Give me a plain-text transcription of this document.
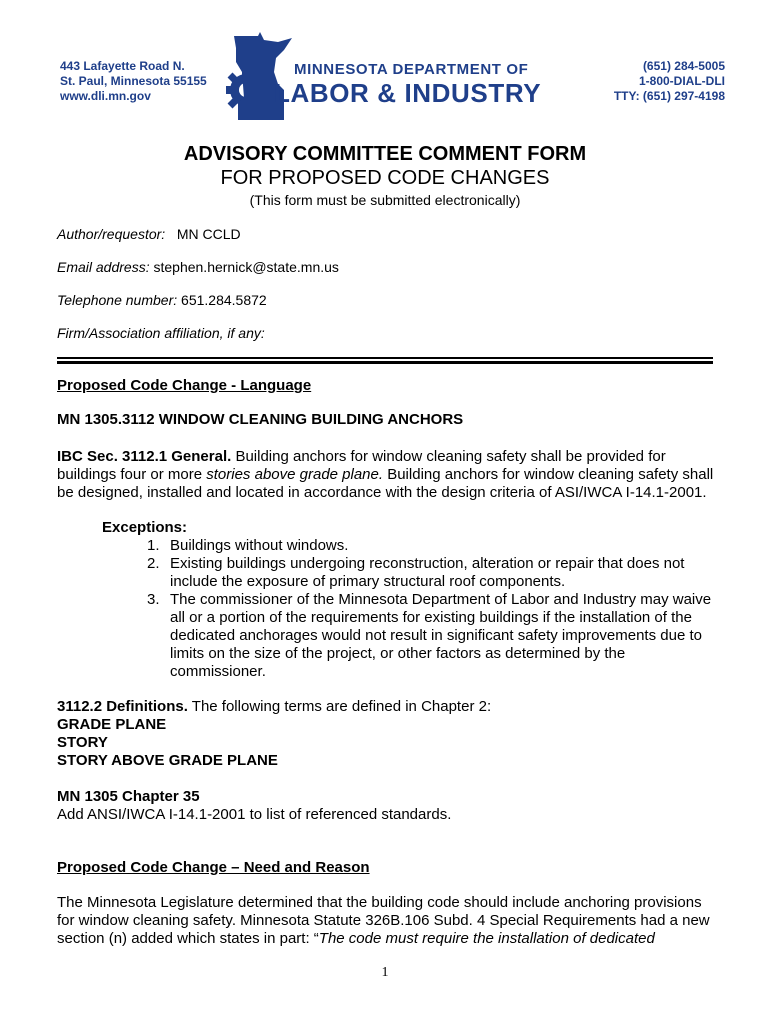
443 Lafayette Road N.
St. Paul, Minnesota 55155
www.dli.mn.gov
MINNESOTA DEPARTMENT OF
LABOR & INDUSTRY
(651) 284-5005
1-800-DIAL-DLI
TTY: (651) 297-4198
ADVISORY COMMITTEE COMMENT FORM
FOR PROPOSED CODE CHANGES
(This form must be submitted electronically)
Author/requestor: MN CCLD
Email address: stephen.hernick@state.mn.us
Telephone number: 651.284.5872
Firm/Association affiliation, if any:
Proposed Code Change - Language
MN 1305.3112 WINDOW CLEANING BUILDING ANCHORS
IBC Sec. 3112.1 General. Building anchors for window cleaning safety shall be provided for buildings four or more stories above grade plane. Building anchors for window cleaning safety shall be designed, installed and located in accordance with the design criteria of ASI/IWCA I-14.1-2001.
Exceptions:
1. Buildings without windows.
2. Existing buildings undergoing reconstruction, alteration or repair that does not include the exposure of primary structural roof components.
3. The commissioner of the Minnesota Department of Labor and Industry may waive all or a portion of the requirements for existing buildings if the installation of the dedicated anchorages would not result in significant safety improvements due to limits on the size of the project, or other factors as determined by the commissioner.
3112.2 Definitions. The following terms are defined in Chapter 2:
GRADE PLANE
STORY
STORY ABOVE GRADE PLANE
MN 1305 Chapter 35
Add ANSI/IWCA I-14.1-2001 to list of referenced standards.
Proposed Code Change – Need and Reason
The Minnesota Legislature determined that the building code should include anchoring provisions for window cleaning safety. Minnesota Statute 326B.106 Subd. 4 Special Requirements had a new section (n) added which states in part: “The code must require the installation of dedicated
1
